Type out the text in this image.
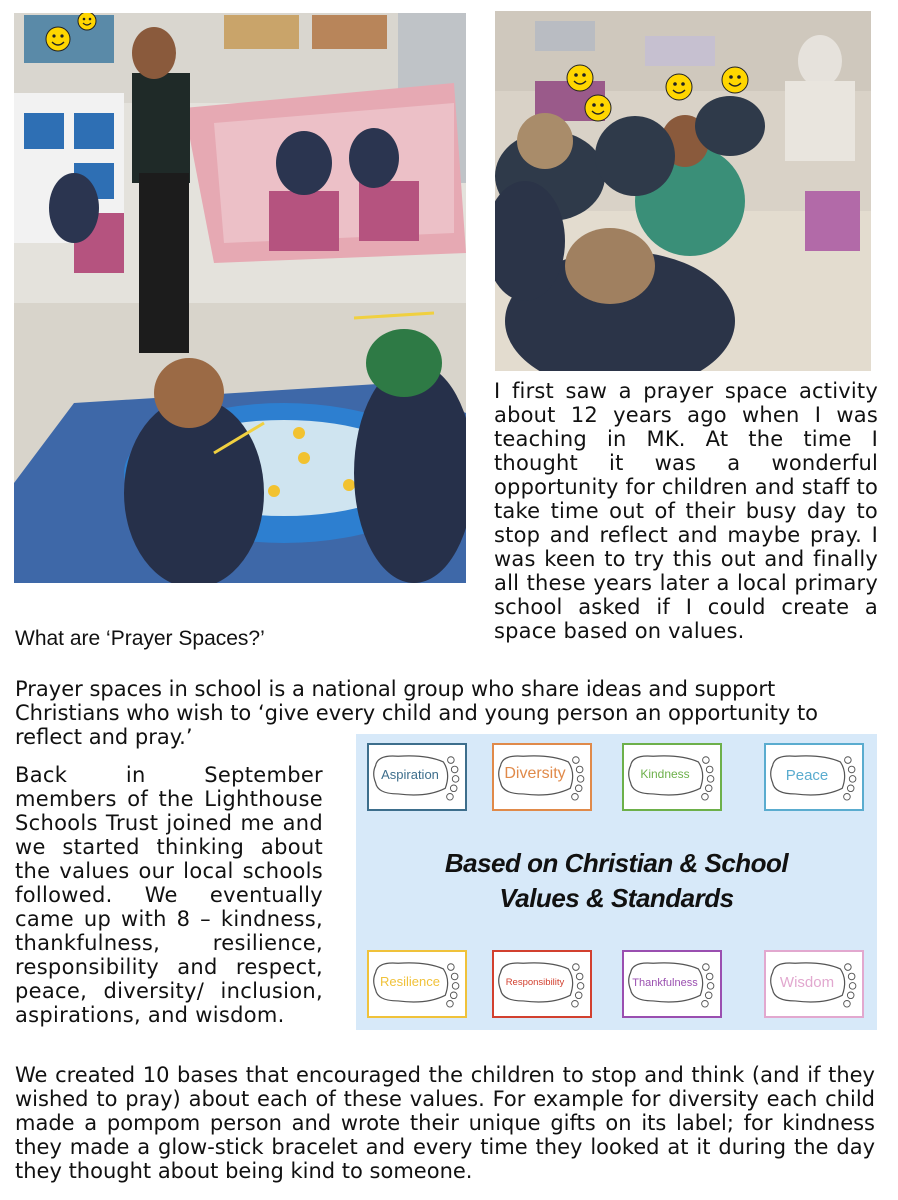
I first saw a prayer space activity about 12 years ago when I was teaching in MK. At the time I thought it was a wonderful opportunity for children and staff to take time out of their busy day to stop and reflect and maybe pray. I was keen to try this out and finally all these years later a local primary school asked if I could create a space based on values.
What are ‘Prayer Spaces?’
Prayer spaces in school is a national group who share ideas and support Christians who wish to ‘give every child and young person an opportunity to reflect and pray.’
Back in September members of the Lighthouse Schools Trust joined me and we started thinking about the values our local schools followed. We eventually came up with 8 – kindness, thankfulness, resilience, responsibility and respect, peace, diversity/ inclusion, aspirations, and wisdom.
Aspiration	Diversity	Kindness	Peace
Based on Christian & School
Values & Standards
Resilience	Responsibility	Thankfulness	Wisdom
We created 10 bases that encouraged the children to stop and think (and if they wished to pray) about each of these values. For example for diversity each child made a pompom person and wrote their unique gifts on its label; for kindness they made a glow-stick bracelet and every time they looked at it during the day they thought about being kind to someone.
